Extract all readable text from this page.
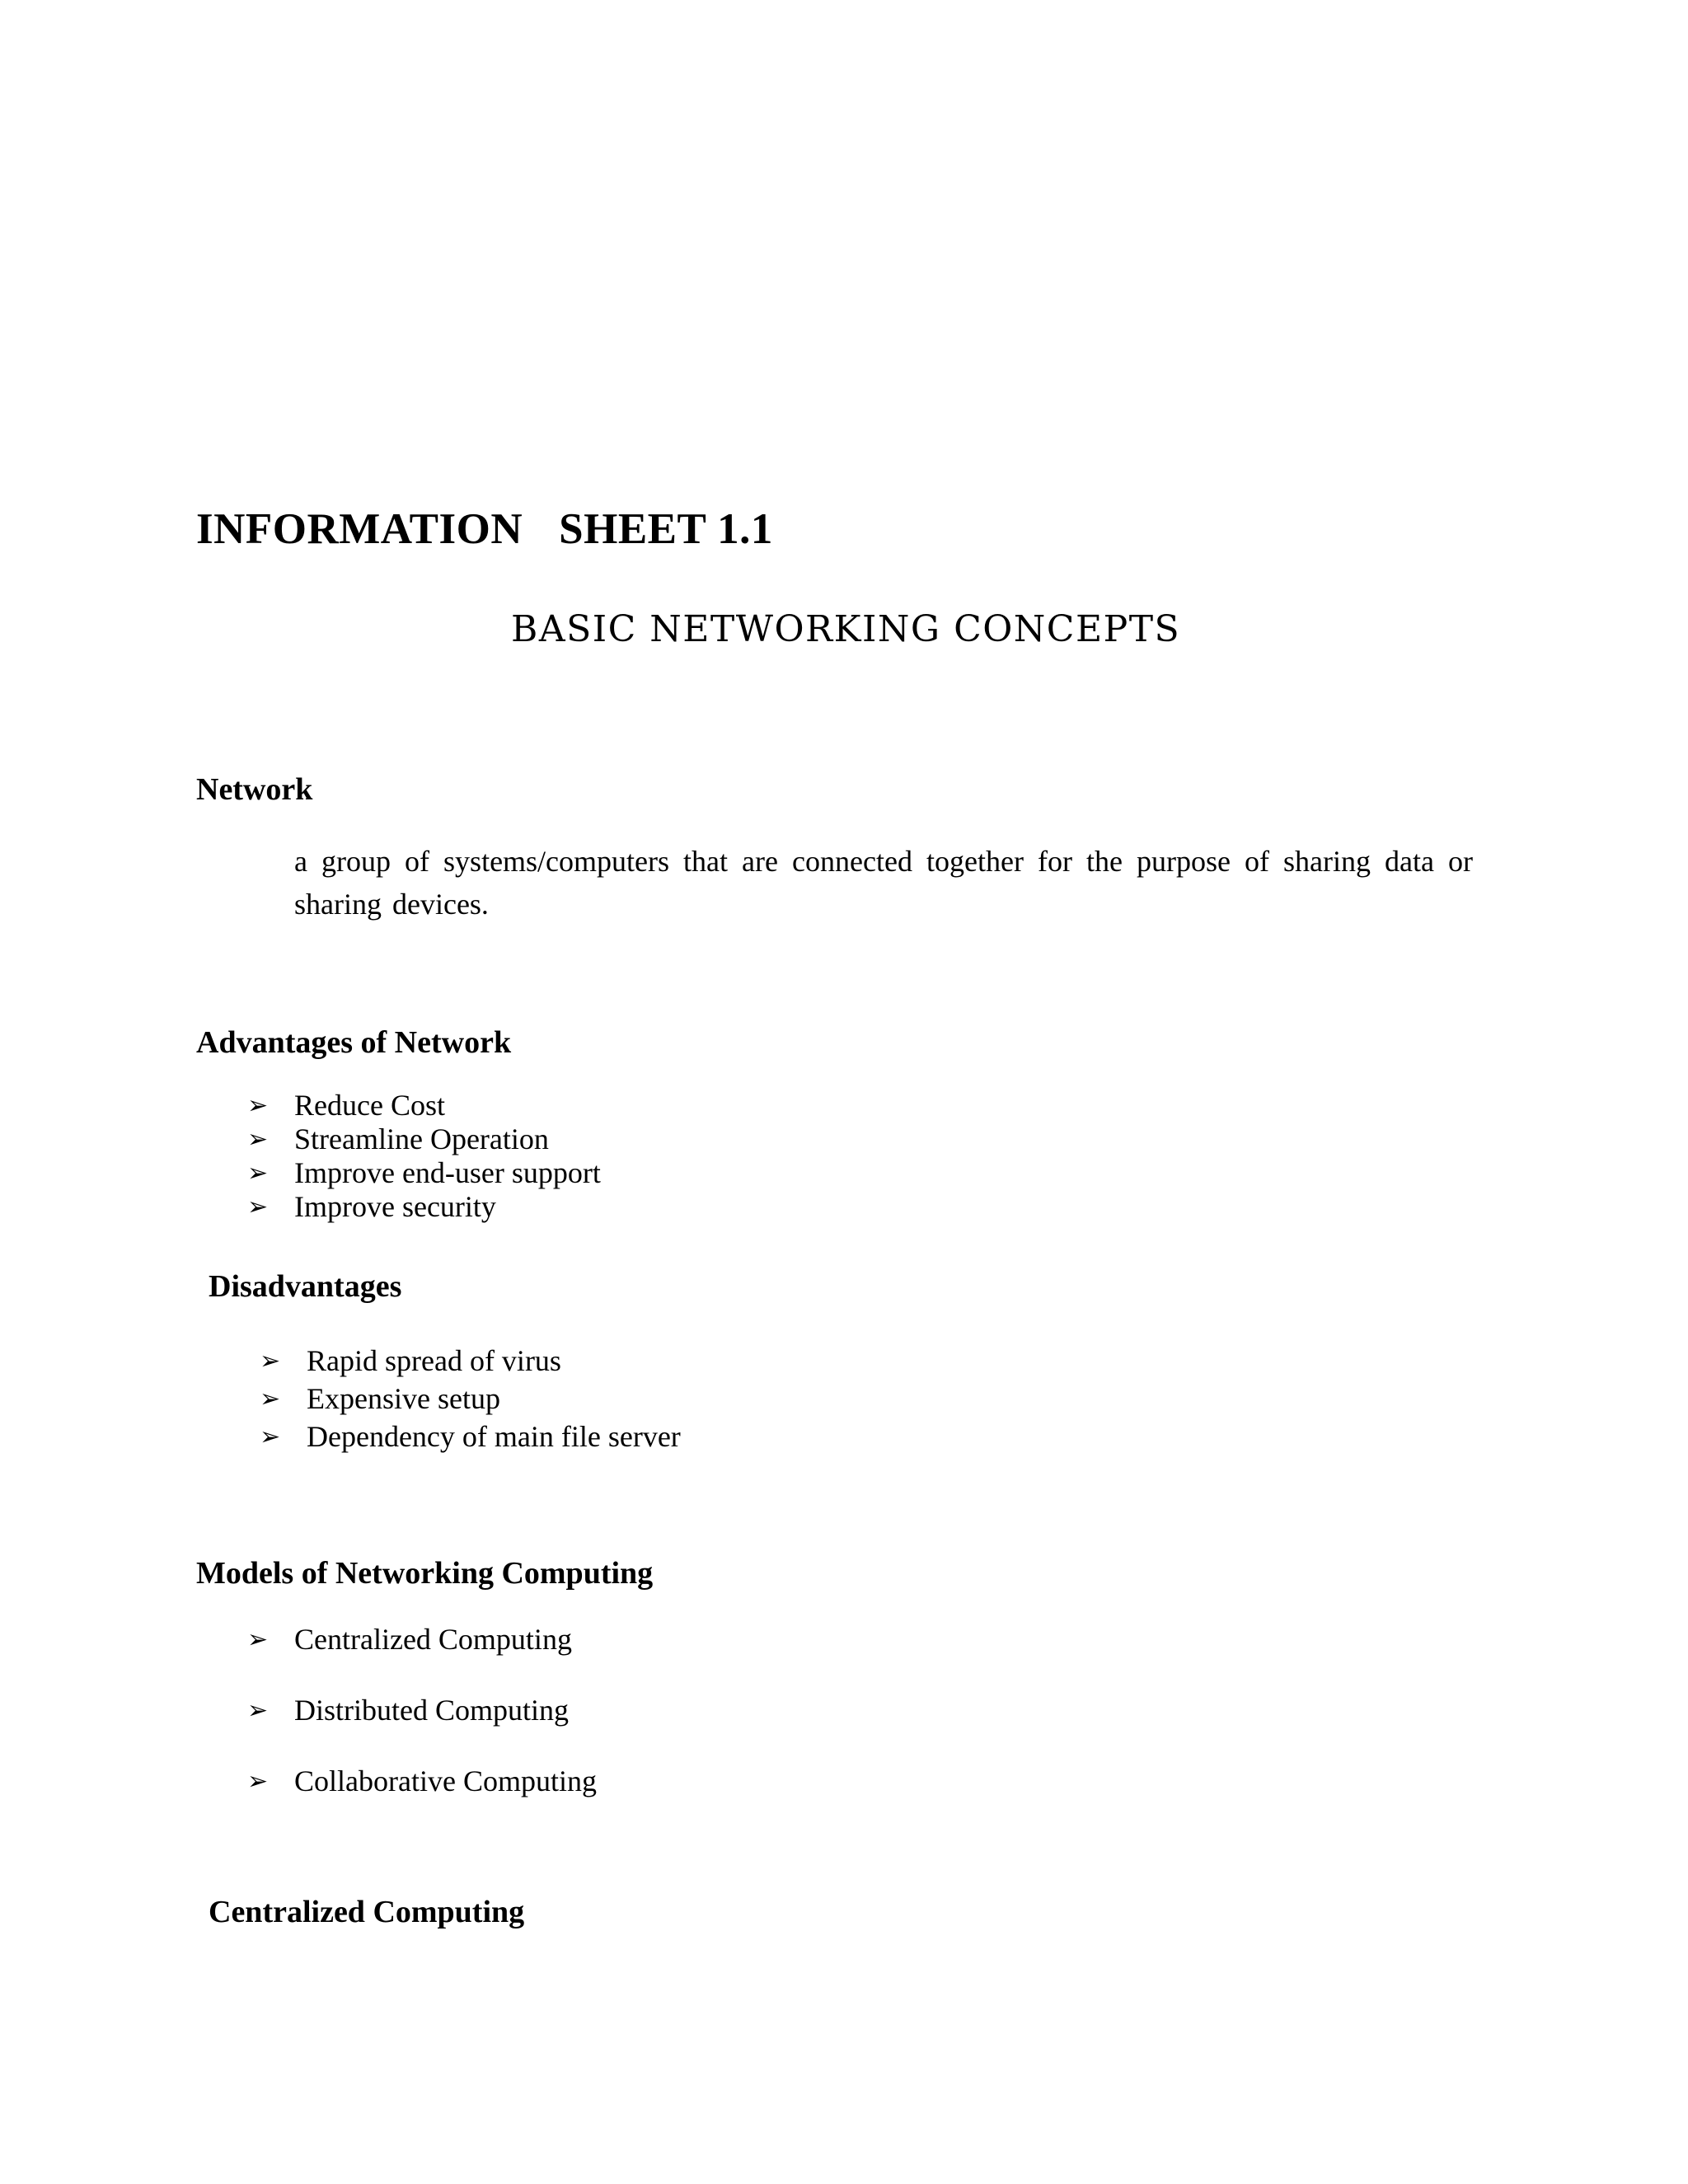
INFORMATION SHEET 1.1
BASIC NETWORKING CONCEPTS
Network
a group of systems/computers that are connected together for the purpose of sharing data or sharing devices.
Advantages of Network
➢ Reduce Cost
➢ Streamline Operation
➢ Improve end-user support
➢ Improve security
Disadvantages
➢ Rapid spread of virus
➢ Expensive setup
➢ Dependency of main file server
Models of Networking Computing
➢ Centralized Computing
➢ Distributed Computing
➢ Collaborative Computing
Centralized Computing
